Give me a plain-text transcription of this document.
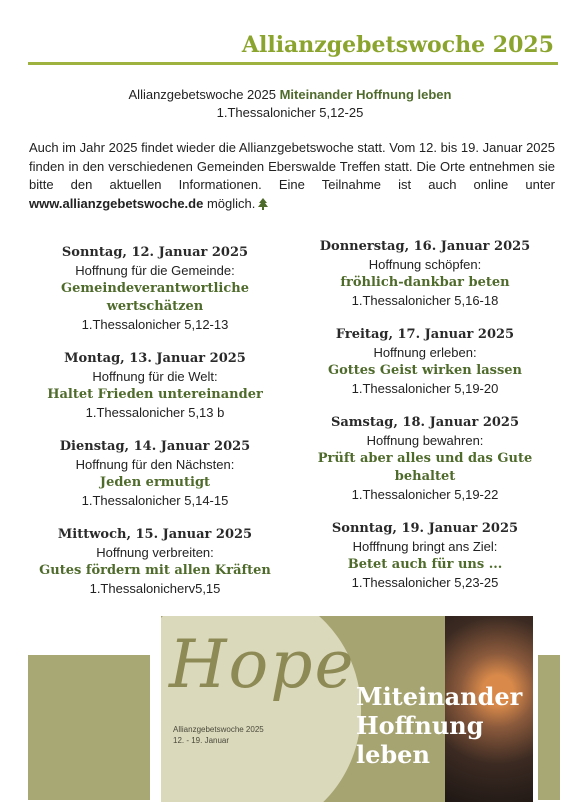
Allianzgebetswoche 2025
Allianzgebetswoche 2025 Miteinander Hoffnung leben
1.Thessalonicher 5,12-25
Auch im Jahr 2025 findet wieder die Allianzgebetswoche statt. Vom 12. bis 19. Januar 2025 finden in den verschiedenen Gemeinden Eberswalde Treffen statt. Die Orte entnehmen sie bitte den aktuellen Informationen. Eine Teilnahme ist auch online unter www.allianzgebetswoche.de möglich.
Sonntag, 12. Januar 2025
Hoffnung für die Gemeinde:
Gemeindeverantwortliche wertschätzen
1.Thessalonicher 5,12-13
Montag, 13. Januar 2025
Hoffnung für die Welt:
Haltet Frieden untereinander
1.Thessalonicher 5,13 b
Dienstag, 14. Januar 2025
Hoffnung für den Nächsten:
Jeden ermutigt
1.Thessalonicher 5,14-15
Mittwoch, 15. Januar 2025
Hoffnung verbreiten:
Gutes fördern mit allen Kräften
1.Thessalonicherv5,15
Donnerstag, 16. Januar 2025
Hoffnung schöpfen:
fröhlich-dankbar beten
1.Thessalonicher 5,16-18
Freitag, 17. Januar 2025
Hoffnung erleben:
Gottes Geist wirken lassen
1.Thessalonicher 5,19-20
Samstag, 18. Januar 2025
Hoffnung bewahren:
Prüft aber alles und das Gute behaltet
1.Thessalonicher 5,19-22
Sonntag, 19. Januar 2025
Hofffnung bringt ans Ziel:
Betet auch für uns ...
1.Thessalonicher 5,23-25
Hope
Allianzgebetswoche 2025
12. - 19. Januar
Miteinander
Hoffnung
leben
